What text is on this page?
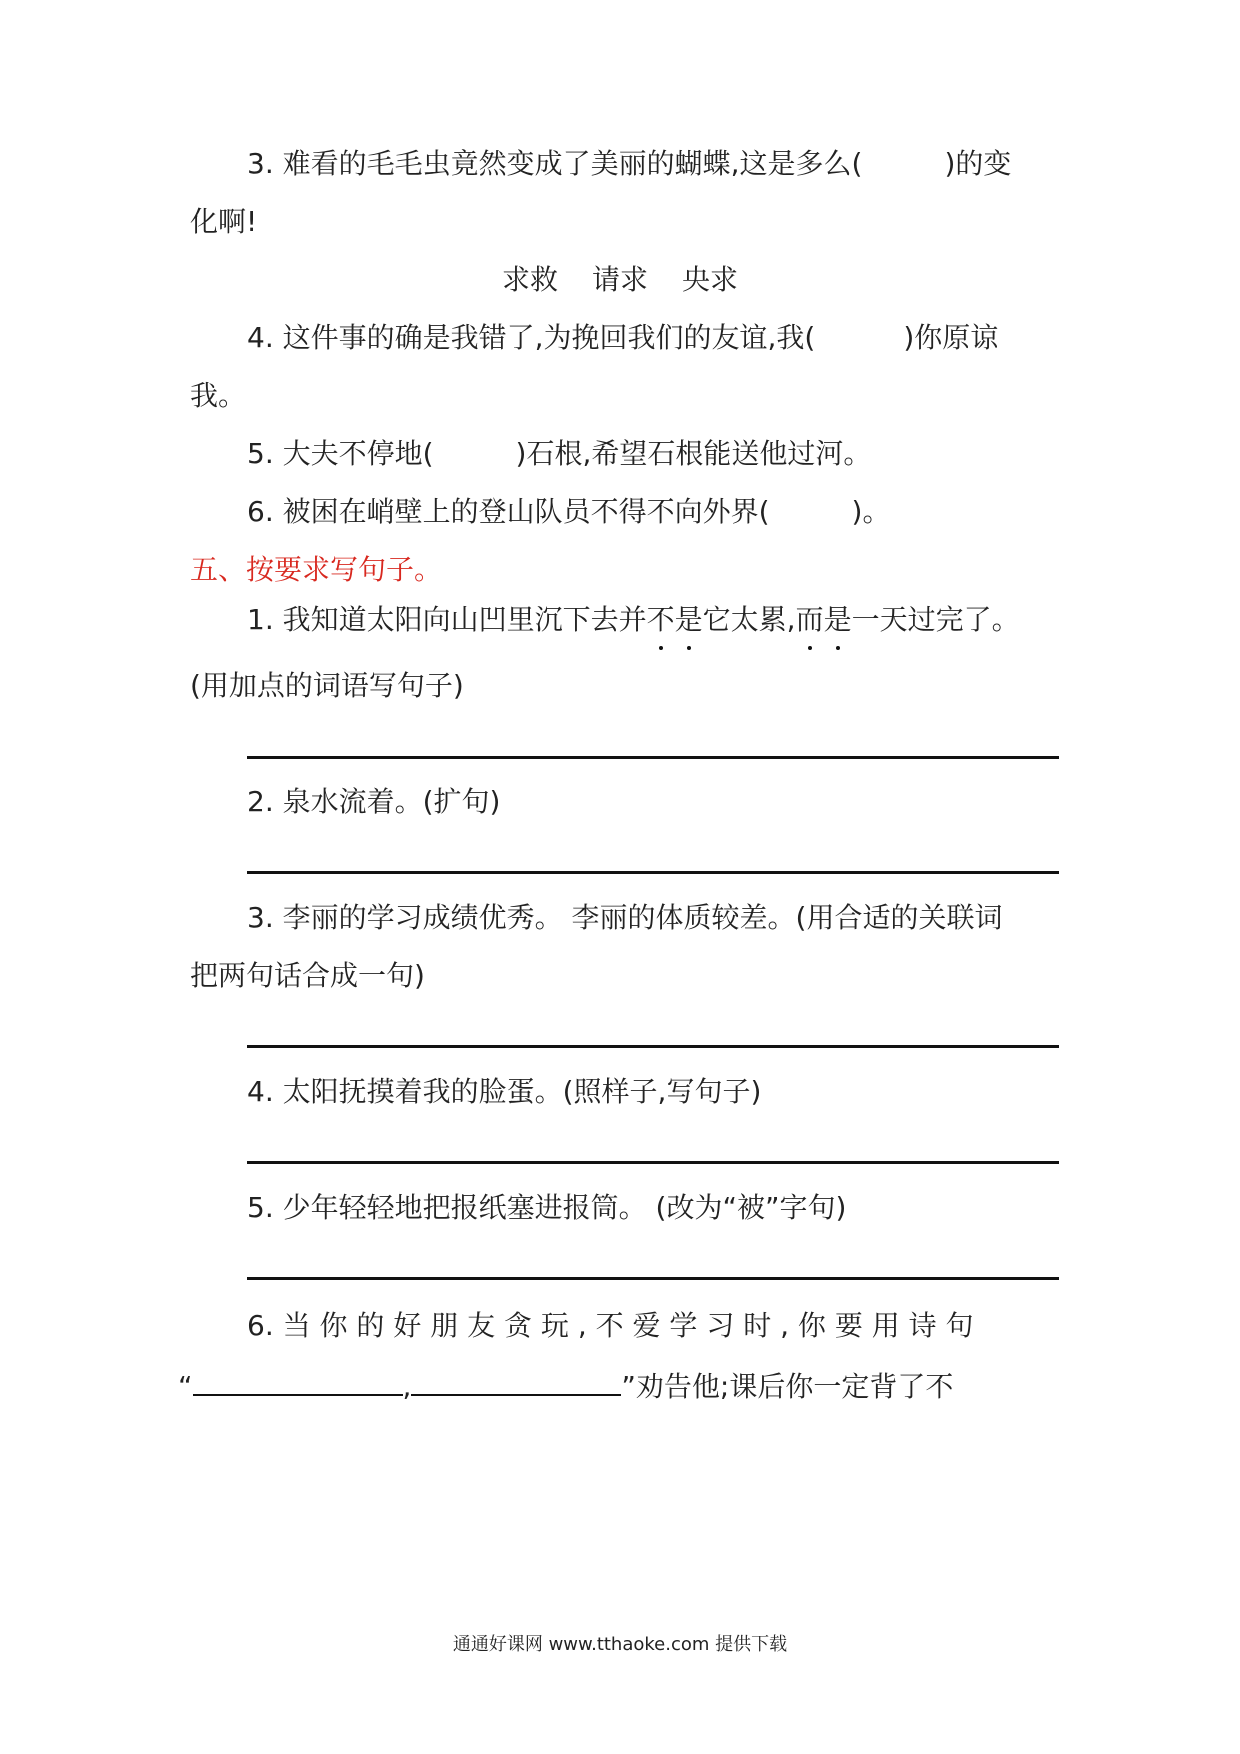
3. 难看的毛毛虫竟然变成了美丽的蝴蝶,这是多么(	)的变
化啊!
求救 请求 央求
4. 这件事的确是我错了,为挽回我们的友谊,我(	)你原谅
我。
5. 大夫不停地(	)石根,希望石根能送他过河。
6. 被困在峭壁上的登山队员不得不向外界(	)。
五、按要求写句子。
1. 我知道太阳向山凹里沉下去并不是它太累,而是一天过完了。
(用加点的词语写句子)
2. 泉水流着。(扩句)
3. 李丽的学习成绩优秀。 李丽的体质较差。(用合适的关联词
把两句话合成一句)
4. 太阳抚摸着我的脸蛋。(照样子,写句子)
5. 少年轻轻地把报纸塞进报筒。 (改为“被”字句)
6. 当 你 的 好 朋 友 贪 玩 , 不 爱 学 习 时 , 你 要 用 诗 句
“	,	”劝告他;课后你一定背了不
通通好课网 www.tthaoke.com 提供下载
